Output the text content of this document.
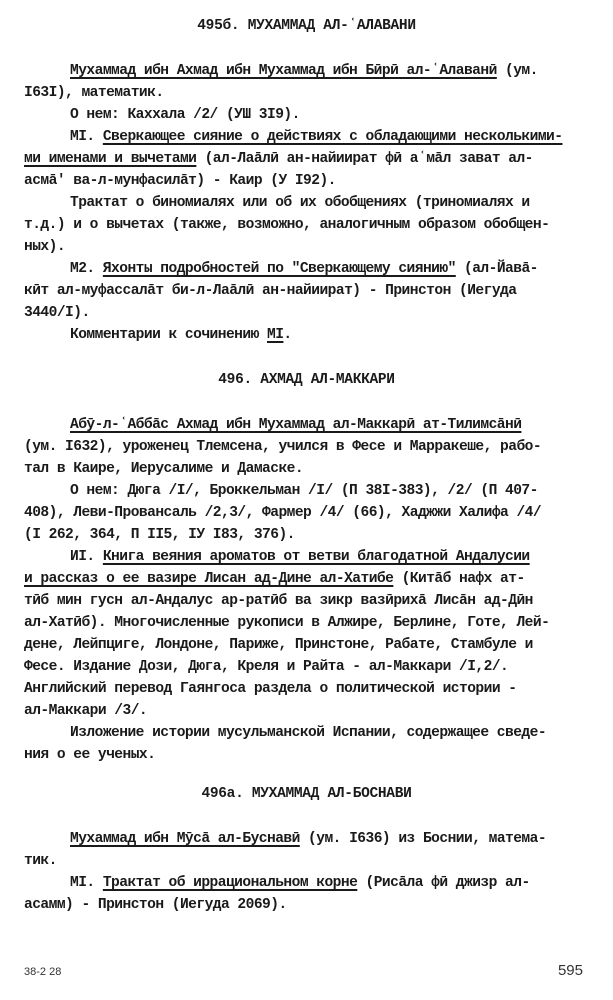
495б. МУХАММАД АЛ-ʿАЛАВАНИ
Мухаммад ибн Ахмад ибн Мухаммад ибн Бӣрӣ ал-ʿАлаванӣ (ум.
I63I), математик.
О нем: Каххала /2/ (УШ 3I9).
МI. Сверкающее сияние о действиях с обладающими несколькими-
ми именами и вычетами (ал-Лаāлӣ ан-найиират фӣ аʿмāл зават ал-
асмā' ва-л-мунфасилāт) - Каир (У I92).
Трактат о биномиалях или об их обобщениях (триномиалях и
т.д.) и о вычетах (также, возможно, аналогичным образом обобщен-
ных).
М2. Яхонты подробностей по "Сверкающему сиянию" (ал-Йавā-
кӣт ал-муфассалāт би-л-Лаāлӣ ан-найиират) - Принстон (Иегуда
3440/I).
Комментарии к сочинению МI.
496. АХМАД АЛ-МАККАРИ
Абӯ-л-ʿАббāс Ахмад ибн Мухаммад ал-Маккарӣ ат-Тилимсāнӣ
(ум. I632), уроженец Тлемсена, учился в Фесе и Марракеше, рабо-
тал в Каире, Иерусалиме и Дамаске.
О нем: Дюга /I/, Броккельман /I/ (П 38I-383), /2/ (П 407-
408), Леви-Провансаль /2,3/, Фармер /4/ (66), Хаджжи Халифа /4/
(I 262, 364, П II5, IУ I83, 376).
ИI. Книга веяния ароматов от ветви благодатной Андалусии
и рассказ о ее вазире Лисан ад-Дине ал-Хатибе (Китāб нафх ат-
тӣб мин гусн ал-Андалус ар-ратӣб ва зикр вазӣрихā Лисāн ад-Дӣн
ал-Хатӣб). Многочисленные рукописи в Алжире, Берлине, Готе, Лей-
дене, Лейпциге, Лондоне, Париже, Принстоне, Рабате, Стамбуле и
Фесе. Издание Дози, Дюга, Креля и Райта - ал-Маккари /I,2/.
Английский перевод Гаянгоса раздела о политической истории -
ал-Маккари /3/.
Изложение истории мусульманской Испании, содержащее сведе-
ния о ее ученых.
496а. МУХАММАД АЛ-БОСНАВИ
Мухаммад ибн Мӯсā ал-Буснавӣ (ум. I636) из Боснии, матема-
тик.
МI. Трактат об иррациональном корне (Рисāла фӣ джизр ал-
асамм) - Принстон (Иегуда 2069).
38-2 28	595
